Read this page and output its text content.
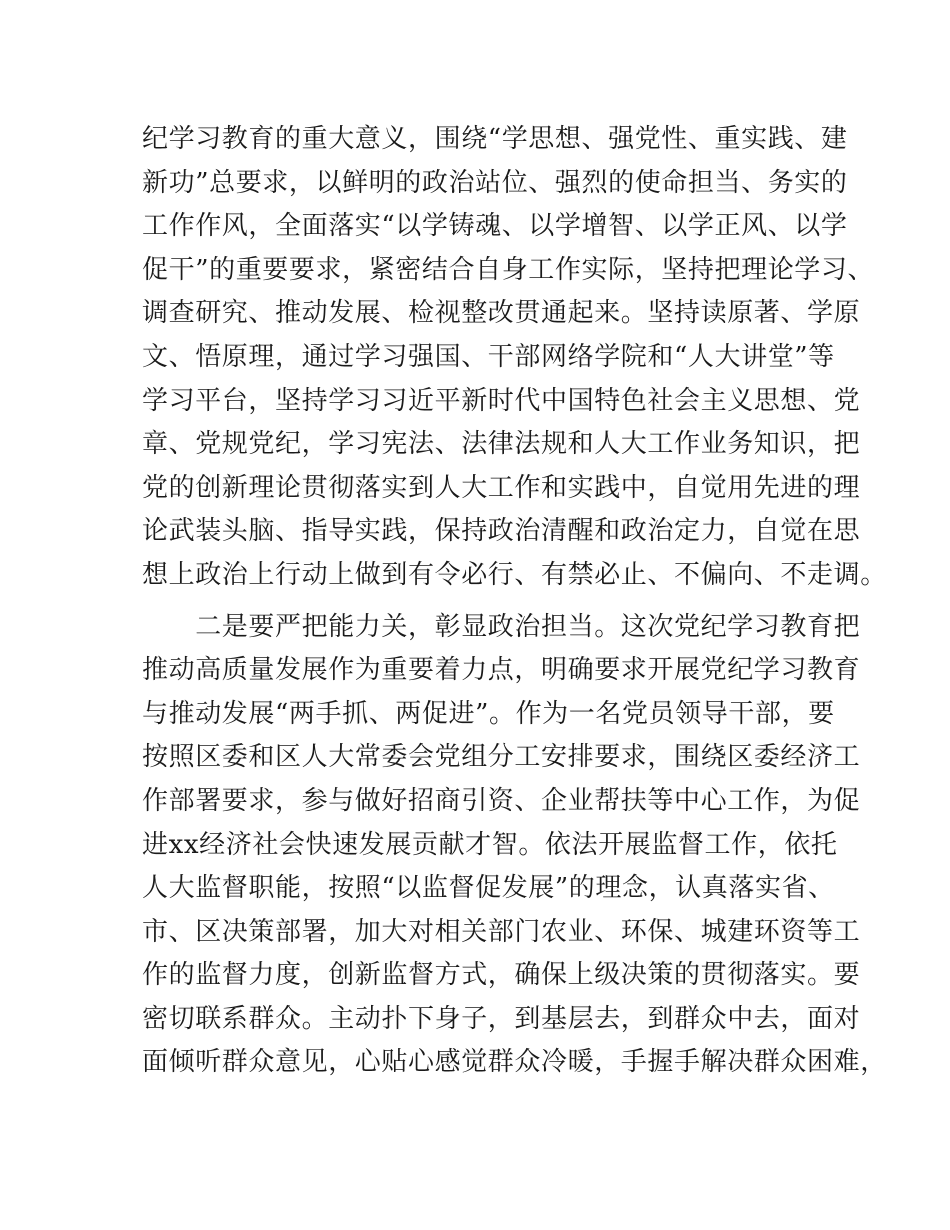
纪学习教育的重大意义，围绕“学思想、强党性、重实践、建
新功”总要求，以鲜明的政治站位、强烈的使命担当、务实的
工作作风，全面落实“以学铸魂、以学增智、以学正风、以学
促干”的重要要求，紧密结合自身工作实际，坚持把理论学习、
调查研究、推动发展、检视整改贯通起来。坚持读原著、学原
文、悟原理，通过学习强国、干部网络学院和“人大讲堂”等
学习平台，坚持学习习近平新时代中国特色社会主义思想、党
章、党规党纪，学习宪法、法律法规和人大工作业务知识，把
党的创新理论贯彻落实到人大工作和实践中，自觉用先进的理
论武装头脑、指导实践，保持政治清醒和政治定力，自觉在思
想上政治上行动上做到有令必行、有禁必止、不偏向、不走调。
　　二是要严把能力关，彰显政治担当。这次党纪学习教育把
推动高质量发展作为重要着力点，明确要求开展党纪学习教育
与推动发展“两手抓、两促进”。作为一名党员领导干部，要
按照区委和区人大常委会党组分工安排要求，围绕区委经济工
作部署要求，参与做好招商引资、企业帮扶等中心工作，为促
进xx经济社会快速发展贡献才智。依法开展监督工作，依托
人大监督职能，按照“以监督促发展”的理念，认真落实省、
市、区决策部署，加大对相关部门农业、环保、城建环资等工
作的监督力度，创新监督方式，确保上级决策的贯彻落实。要
密切联系群众。主动扑下身子，到基层去，到群众中去，面对
面倾听群众意见，心贴心感觉群众冷暖，手握手解决群众困难，
